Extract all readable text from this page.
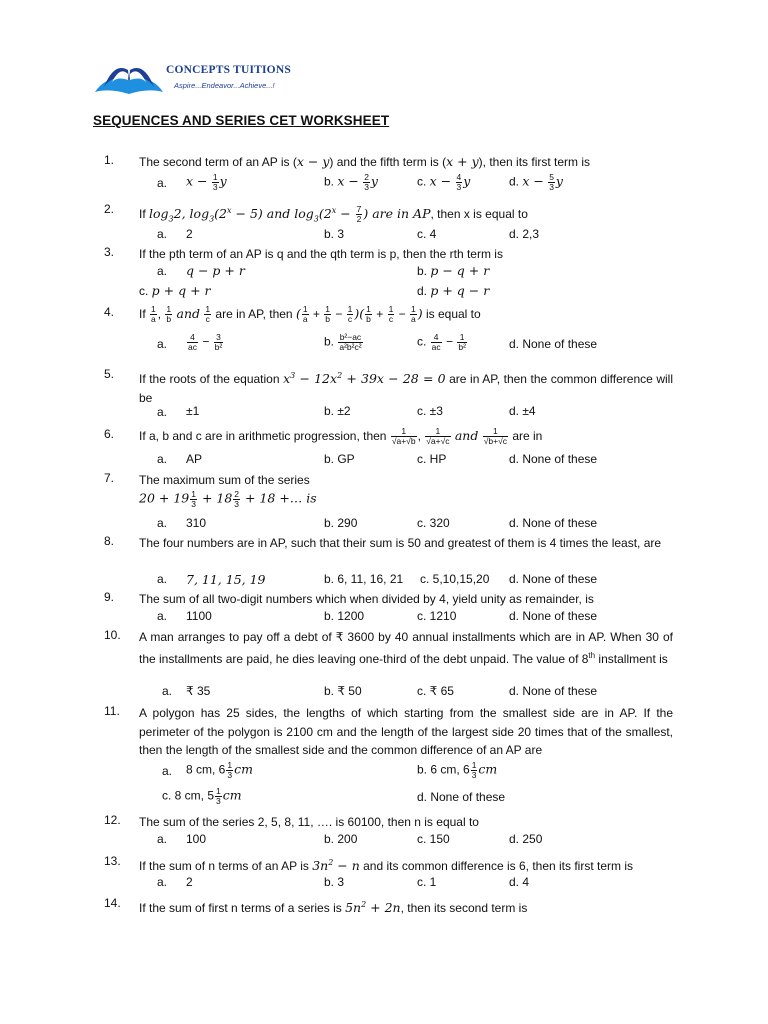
CONCEPTS TUITIONS
Aspire...Endeavor...Achieve...!
SEQUENCES AND SERIES CET WORKSHEET
1.	The second term of an AP is (x − y) and the fifth term is (x + y), then its first term is
a. $x - \frac{1}{3}$ y	b. $x - \frac{2}{3}$ y	c. $x - \frac{4}{3}$ y	d. $x - \frac{5}{3}$ y
2.	If $\log_32$, $\log_3(2^x - 5)$ and $\log_3(2^x - \frac{7}{2}$ ) are in AP, then x is equal to
a. 2	b. 3	c. 4	d. 2,3
3.	If the pth term of an AP is q and the qth term is p, then the rth term is
a. q − p + r	b. p − q + r
c. p + q + r	d. p + q − r
4.	If $\frac{1}{a}$ , $\frac{1}{b}$ and $\frac{1}{c}$ are in AP, then ( $\frac{1}{a} + \frac{1}{b} - \frac{1}{c}$ )( $\frac{1}{b} + \frac{1}{c} - \frac{1}{a}$ ) is equal to
a. $\frac{4}{ac} - \frac{3}{\text{b²}}$	b. $\frac{\text{b²−ac}}{\text{a²b²c²}}$	c. $\frac{4}{ac} - \frac{1}{\text{b²}}$	d. None of these
5.	If the roots of the equation $x^3 - 12x^2 + 39x - 28 = 0$ are in AP, then the common difference will be
a. ±1	b. ±2	c. ±3	d. ±4
6.	If a, b and c are in arithmetic progression, then $\frac{1}{√a+√b}$ , $\frac{1}{√a+√c}$ and $\frac{1}{√b+√c}$ are in
a. AP	b. GP	c. HP	d. None of these
7.	The maximum sum of the series
$20 + 19 \frac{1}{3} + 18 \frac{2}{3} + 18$ +… is
a. 310	b. 290	c. 320	d. None of these
8.	The four numbers are in AP, such that their sum is 50 and greatest of them is 4 times the least, are
a. 7, 11, 15, 19	b. 6, 11, 16, 21 c. 5,10,15,20 d. None of these
9.	The sum of all two-digit numbers which when divided by 4, yield unity as remainder, is
a. 1100	b. 1200	c. 1210	d. None of these
10.	A man arranges to pay off a debt of ₹ 3600 by 40 annual installments which are in AP. When 30 of the installments are paid, he dies leaving one-third of the debt unpaid. The value of 8th installment is
a. ₹ 35	b. ₹ 50	c. ₹ 65	d. None of these
11.	A polygon has 25 sides, the lengths of which starting from the smallest side are in AP. If the perimeter of the polygon is 2100 cm and the length of the largest side 20 times that of the smallest, then the length of the smallest side and the common difference of an AP are
a. 8 cm, $6 \frac{1}{3}$ cm	b. 6 cm, $6 \frac{1}{3}$ cm
c. 8 cm, $5 \frac{1}{3}$ cm	d. None of these
12.	The sum of the series 2, 5, 8, 11, …. is 60100, then n is equal to
a. 100	b. 200	c. 150	d. 250
13.	If the sum of n terms of an AP is $3n^2 - n$ and its common difference is 6, then its first term is
a. 2	b. 3	c. 1	d. 4
14.	If the sum of first n terms of a series is $5n^2 + 2n$, then its second term is
